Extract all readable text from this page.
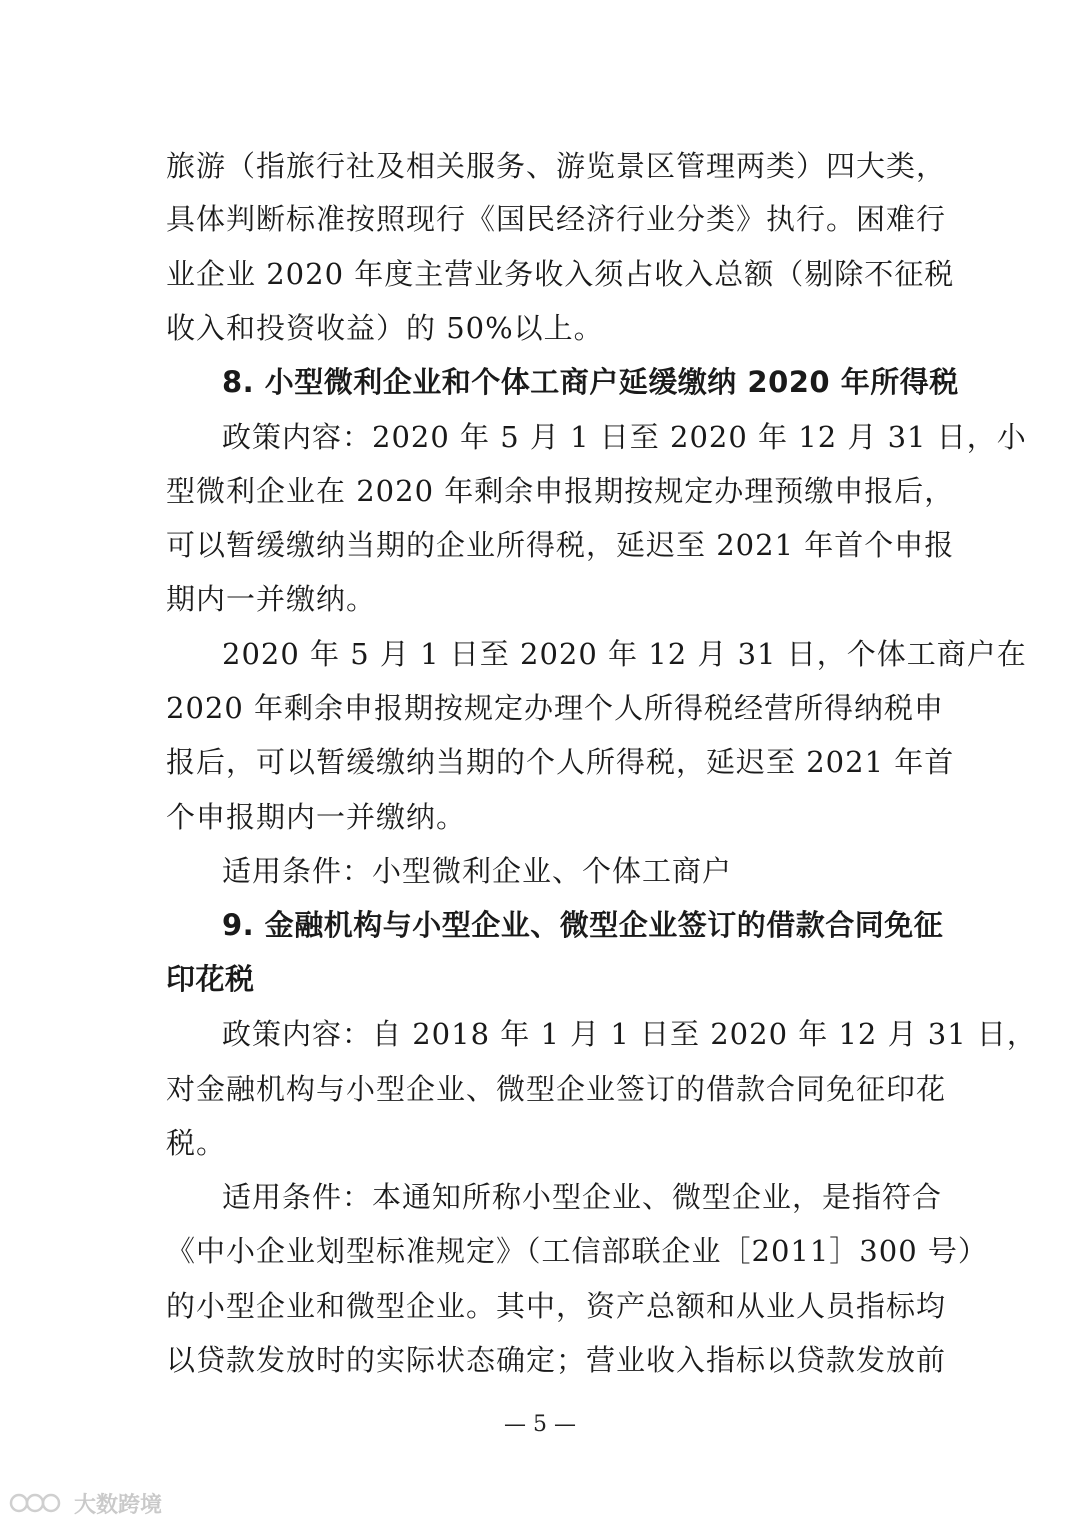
旅游（指旅行社及相关服务、游览景区管理两类）四大类，
具体判断标准按照现行《国民经济行业分类》执行。困难行
业企业 2020 年度主营业务收入须占收入总额（剔除不征税
收入和投资收益）的 50%以上。
8. 小型微利企业和个体工商户延缓缴纳 2020 年所得税
政策内容：2020 年 5 月 1 日至 2020 年 12 月 31 日，小
型微利企业在 2020 年剩余申报期按规定办理预缴申报后，
可以暂缓缴纳当期的企业所得税，延迟至 2021 年首个申报
期内一并缴纳。
2020 年 5 月 1 日至 2020 年 12 月 31 日，个体工商户在
2020 年剩余申报期按规定办理个人所得税经营所得纳税申
报后，可以暂缓缴纳当期的个人所得税，延迟至 2021 年首
个申报期内一并缴纳。
适用条件：小型微利企业、个体工商户
9. 金融机构与小型企业、微型企业签订的借款合同免征
印花税
政策内容：自 2018 年 1 月 1 日至 2020 年 12 月 31 日，
对金融机构与小型企业、微型企业签订的借款合同免征印花
税。
适用条件：本通知所称小型企业、微型企业，是指符合
《中小企业划型标准规定》（工信部联企业［2011］300 号）
的小型企业和微型企业。其中，资产总额和从业人员指标均
以贷款发放时的实际状态确定；营业收入指标以贷款发放前
— 5 —
大数跨境
